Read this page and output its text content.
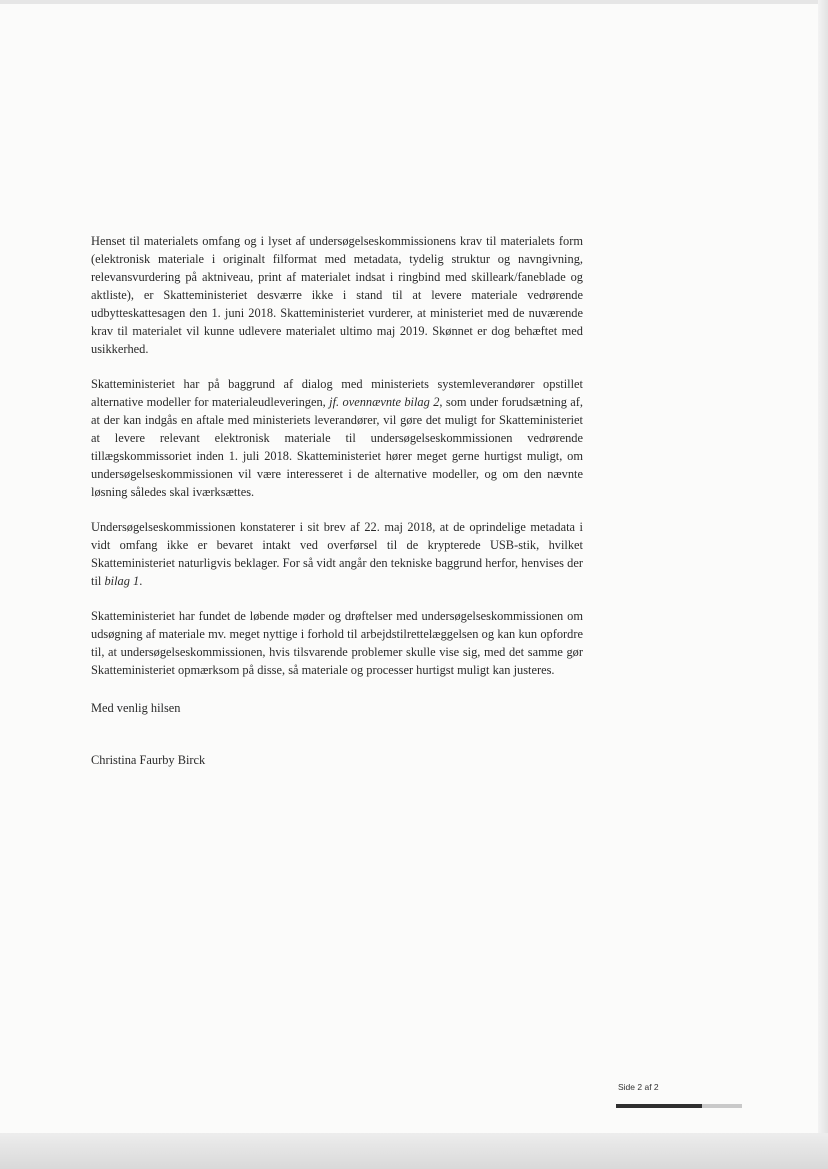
Henset til materialets omfang og i lyset af undersøgelseskommissionens krav til materialets form (elektronisk materiale i originalt filformat med metadata, tydelig struktur og navngivning, relevansvurdering på aktniveau, print af materialet indsat i ringbind med skilleark/faneblade og aktliste), er Skatteministeriet desværre ikke i stand til at levere materiale vedrørende udbytteskattesagen den 1. juni 2018. Skatteministeriet vurderer, at ministeriet med de nuværende krav til materialet vil kunne udlevere materialet ultimo maj 2019. Skønnet er dog behæftet med usikkerhed.

Skatteministeriet har på baggrund af dialog med ministeriets systemleverandører opstillet alternative modeller for materialeudleveringen, jf. ovennævnte bilag 2, som under forudsætning af, at der kan indgås en aftale med ministeriets leverandører, vil gøre det muligt for Skatteministeriet at levere relevant elektronisk materiale til undersøgelseskommissionen vedrørende tillægskommissoriet inden 1. juli 2018. Skatteministeriet hører meget gerne hurtigst muligt, om undersøgelseskommissionen vil være interesseret i de alternative modeller, og om den nævnte løsning således skal iværksættes.

Undersøgelseskommissionen konstaterer i sit brev af 22. maj 2018, at de oprindelige metadata i vidt omfang ikke er bevaret intakt ved overførsel til de krypterede USB-stik, hvilket Skatteministeriet naturligvis beklager. For så vidt angår den tekniske baggrund herfor, henvises der til bilag 1.

Skatteministeriet har fundet de løbende møder og drøftelser med undersøgelseskommissionen om udsøgning af materiale mv. meget nyttige i forhold til arbejdstilrettelæggelsen og kan kun opfordre til, at undersøgelseskommissionen, hvis tilsvarende problemer skulle vise sig, med det samme gør Skatteministeriet opmærksom på disse, så materiale og processer hurtigst muligt kan justeres.

Med venlig hilsen

Christina Faurby Birck

Side 2 af 2
